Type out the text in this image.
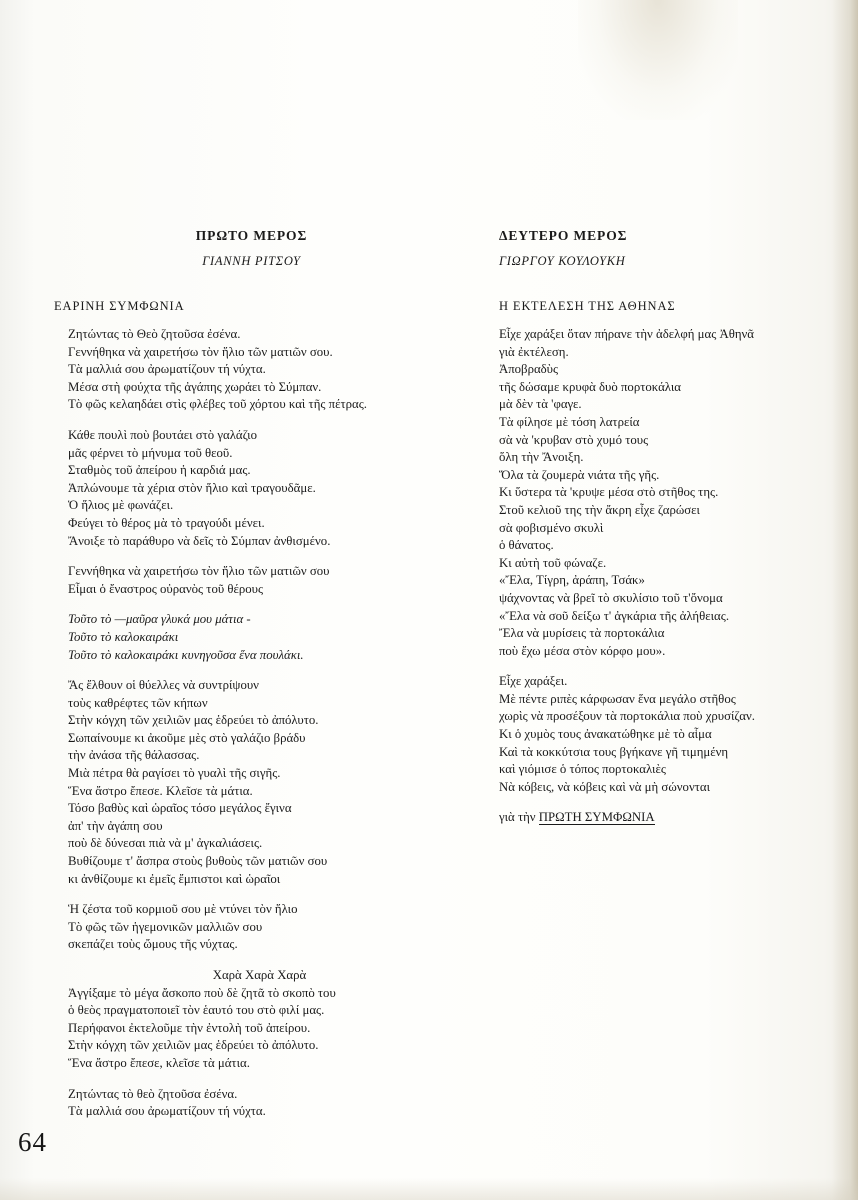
ΠΡΩΤΟ ΜΕΡΟΣ
ΓΙΑΝΝΗ ΡΙΤΣΟΥ
ΕΑΡΙΝΗ ΣΥΜΦΩΝΙΑ
Ζητώντας τὸ Θεὸ ζητοῦσα ἐσένα.
Γεννήθηκα νὰ χαιρετήσω τὸν ἥλιο τῶν ματιῶν σου.
Τὰ μαλλιά σου ἀρωματίζουν τή νύχτα.
Μέσα στὴ φούχτα τῆς ἀγάπης χωράει τὸ Σύμπαν.
Τὸ φῶς κελαηδάει στὶς φλέβες τοῦ χόρτου καὶ τῆς πέτρας.
Κάθε πουλὶ ποὺ βουτάει στὸ γαλάζιο
μᾶς φέρνει τὸ μήνυμα τοῦ θεοῦ.
Σταθμὸς τοῦ ἀπείρου ἡ καρδιά μας.
Ἁπλώνουμε τὰ χέρια στὸν ἥλιο καὶ τραγουδᾶμε.
Ὁ ἥλιος μὲ φωνάζει.
Φεύγει τὸ θέρος μὰ τὸ τραγούδι μένει.
Ἄνοιξε τὸ παράθυρο νὰ δεῖς τὸ Σύμπαν ἀνθισμένο.
Γεννήθηκα νὰ χαιρετήσω τὸν ἥλιο τῶν ματιῶν σου
Εἶμαι ὁ ἔναστρος οὐρανὸς τοῦ θέρους
Τοῦτο τὸ —μαῦρα γλυκά μου μάτια -
Τοῦτο τὸ καλοκαιράκι
Τοῦτο τὸ καλοκαιράκι κυνηγοῦσα ἕνα πουλάκι.
Ἄς ἔλθουν οἱ θύελλες νὰ συντρίψουν
τοὺς καθρέφτες τῶν κήπων
Στὴν κόγχη τῶν χειλιῶν μας ἑδρεύει τὸ ἀπόλυτο.
Σωπαίνουμε κι ἀκοῦμε μὲς στὸ γαλάζιο βράδυ
τὴν ἀνάσα τῆς θάλασσας.
Μιὰ πέτρα θὰ ραγίσει τὸ γυαλὶ τῆς σιγῆς.
Ἕνα ἄστρο ἔπεσε. Κλεῖσε τὰ μάτια.
Τόσο βαθὺς καὶ ὡραῖος τόσο μεγάλος ἔγινα
ἀπ' τὴν ἀγάπη σου
ποὺ δὲ δύνεσαι πιὰ νὰ μ' ἀγκαλιάσεις.
Βυθίζουμε τ' ἄσπρα στοὺς βυθοὺς τῶν ματιῶν σου
κι ἀνθίζουμε κι ἐμεῖς ἔμπιστοι καὶ ὡραῖοι
Ἡ ζέστα τοῦ κορμιοῦ σου μὲ ντύνει τὸν ἥλιο
Τὸ φῶς τῶν ἡγεμονικῶν μαλλιῶν σου
σκεπάζει τοὺς ὤμους τῆς νύχτας.
Χαρὰ Χαρὰ Χαρὰ
Ἀγγίξαμε τὸ μέγα ἄσκοπο ποὺ δὲ ζητᾶ τὸ σκοπὸ του
ὁ θεὸς πραγματοποιεῖ τὸν ἑαυτό του στὸ φιλί μας.
Περήφανοι ἐκτελοῦμε τὴν ἐντολὴ τοῦ ἀπείρου.
Στὴν κόγχη τῶν χειλιῶν μας ἑδρεύει τὸ ἀπόλυτο.
Ἕνα ἄστρο ἔπεσε, κλεῖσε τὰ μάτια.
Ζητώντας τὸ θεὸ ζητοῦσα ἐσένα.
Τὰ μαλλιά σου ἀρωματίζουν τή νύχτα.
ΔΕΥΤΕΡΟ ΜΕΡΟΣ
ΓΙΩΡΓΟΥ ΚΟΥΛΟΥΚΗ
Η ΕΚΤΕΛΕΣΗ ΤΗΣ ΑΘΗΝΑΣ
Εἶχε χαράξει ὅταν πήρανε τὴν ἀδελφή μας Ἀθηνᾶ
γιὰ ἐκτέλεση.
Ἀποβραδὺς
τῆς δώσαμε κρυφὰ δυὸ πορτοκάλια
μὰ δὲν τὰ 'φαγε.
Τὰ φίλησε μὲ τόση λατρεία
σὰ νὰ 'κρυβαν στὸ χυμό τους
ὅλη τὴν Ἄνοιξη.
Ὅλα τὰ ζουμερὰ νιάτα τῆς γῆς.
Κι ὕστερα τὰ 'κρυψε μέσα στὸ στῆθος της.
Στοῦ κελιοῦ της τὴν ἄκρη εἶχε ζαρώσει
σὰ φοβισμένο σκυλὶ
ὁ θάνατος.
Κι αὐτὴ τοῦ φώναζε.
«Ἔλα, Τίγρη, ἀράπη, Τσάκ»
ψάχνοντας νὰ βρεῖ τὸ σκυλίσιο τοῦ τ'ὄνομα
«Ἔλα νὰ σοῦ δείξω τ' ἀγκάρια τῆς ἀλήθειας.
Ἔλα νὰ μυρίσεις τὰ πορτοκάλια
ποὺ ἔχω μέσα στὸν κόρφο μου».
Εἶχε χαράξει.
Μὲ πέντε ριπὲς κάρφωσαν ἕνα μεγάλο στῆθος
χωρὶς νὰ προσέξουν τὰ πορτοκάλια ποὺ χρυσίζαν.
Κι ὁ χυμὸς τους ἀνακατώθηκε μὲ τὸ αἷμα
Καὶ τὰ κοκκύτσια τους βγήκανε γῆ τιμημένη
καὶ γιόμισε ὁ τόπος πορτοκαλιὲς
Νὰ κόβεις, νὰ κόβεις καὶ νὰ μὴ σώνονται
γιὰ τὴν ΠΡΩΤΗ ΣΥΜΦΩΝΙΑ
64
